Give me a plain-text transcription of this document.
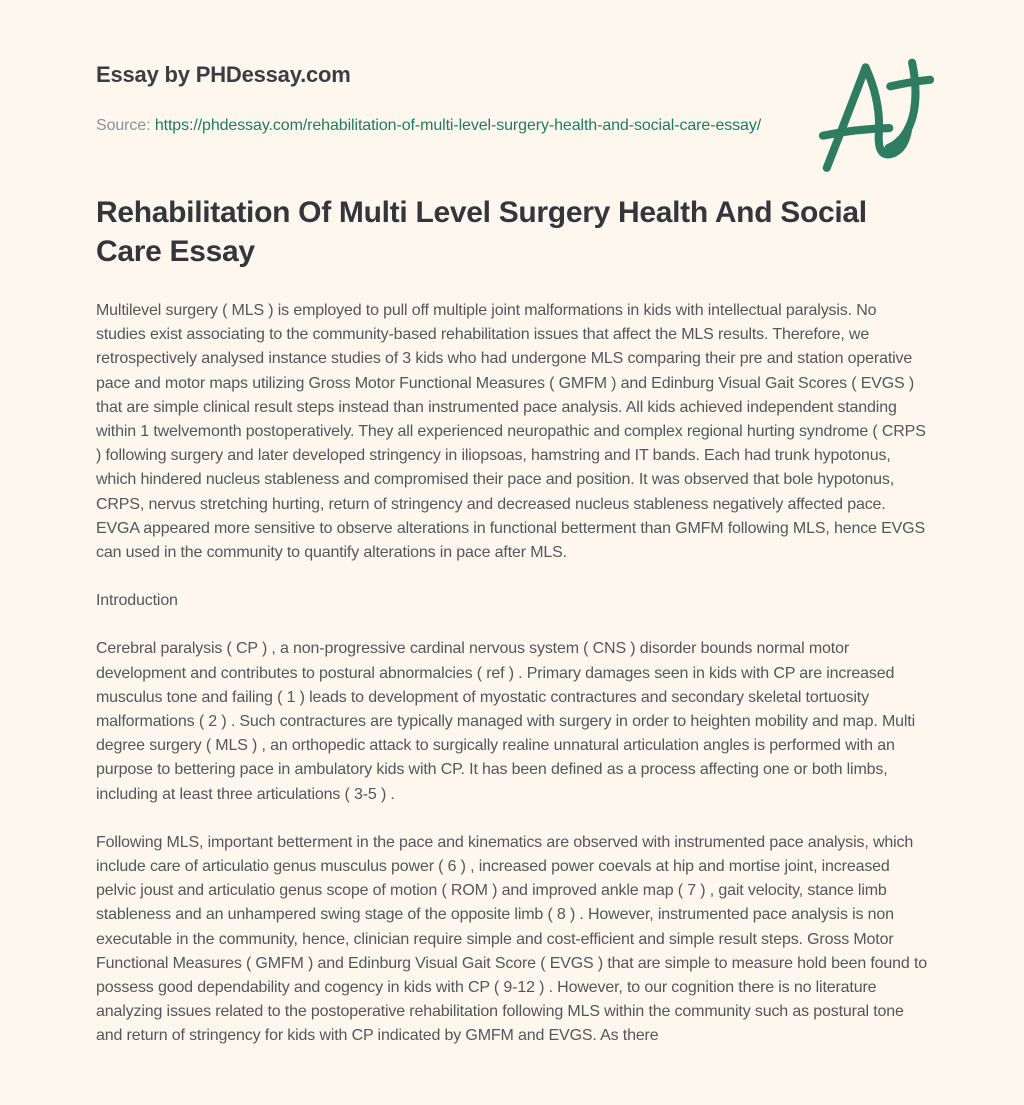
Essay by PHDessay.com

Source: https://phdessay.com/rehabilitation-of-multi-level-surgery-health-and-social-care-essay/

Rehabilitation Of Multi Level Surgery Health And Social Care Essay

Multilevel surgery ( MLS ) is employed to pull off multiple joint malformations in kids with intellectual paralysis. No studies exist associating to the community-based rehabilitation issues that affect the MLS results. Therefore, we retrospectively analysed instance studies of 3 kids who had undergone MLS comparing their pre and station operative pace and motor maps utilizing Gross Motor Functional Measures ( GMFM ) and Edinburg Visual Gait Scores ( EVGS ) that are simple clinical result steps instead than instrumented pace analysis. All kids achieved independent standing within 1 twelvemonth postoperatively. They all experienced neuropathic and complex regional hurting syndrome ( CRPS ) following surgery and later developed stringency in iliopsoas, hamstring and IT bands. Each had trunk hypotonus, which hindered nucleus stableness and compromised their pace and position. It was observed that bole hypotonus, CRPS, nervus stretching hurting, return of stringency and decreased nucleus stableness negatively affected pace. EVGA appeared more sensitive to observe alterations in functional betterment than GMFM following MLS, hence EVGS can used in the community to quantify alterations in pace after MLS.

Introduction

Cerebral paralysis ( CP ) , a non-progressive cardinal nervous system ( CNS ) disorder bounds normal motor development and contributes to postural abnormalcies ( ref ) . Primary damages seen in kids with CP are increased musculus tone and failing ( 1 ) leads to development of myostatic contractures and secondary skeletal tortuosity malformations ( 2 ) . Such contractures are typically managed with surgery in order to heighten mobility and map. Multi degree surgery ( MLS ) , an orthopedic attack to surgically realine unnatural articulation angles is performed with an purpose to bettering pace in ambulatory kids with CP. It has been defined as a process affecting one or both limbs, including at least three articulations ( 3-5 ) .

Following MLS, important betterment in the pace and kinematics are observed with instrumented pace analysis, which include care of articulatio genus musculus power ( 6 ) , increased power coevals at hip and mortise joint, increased pelvic joust and articulatio genus scope of motion ( ROM ) and improved ankle map ( 7 ) , gait velocity, stance limb stableness and an unhampered swing stage of the opposite limb ( 8 ) . However, instrumented pace analysis is non executable in the community, hence, clinician require simple and cost-efficient and simple result steps. Gross Motor Functional Measures ( GMFM ) and Edinburg Visual Gait Score ( EVGS ) that are simple to measure hold been found to possess good dependability and cogency in kids with CP ( 9-12 ) . However, to our cognition there is no literature analyzing issues related to the postoperative rehabilitation following MLS within the community such as postural tone and return of stringency for kids with CP indicated by GMFM and EVGS. As there
